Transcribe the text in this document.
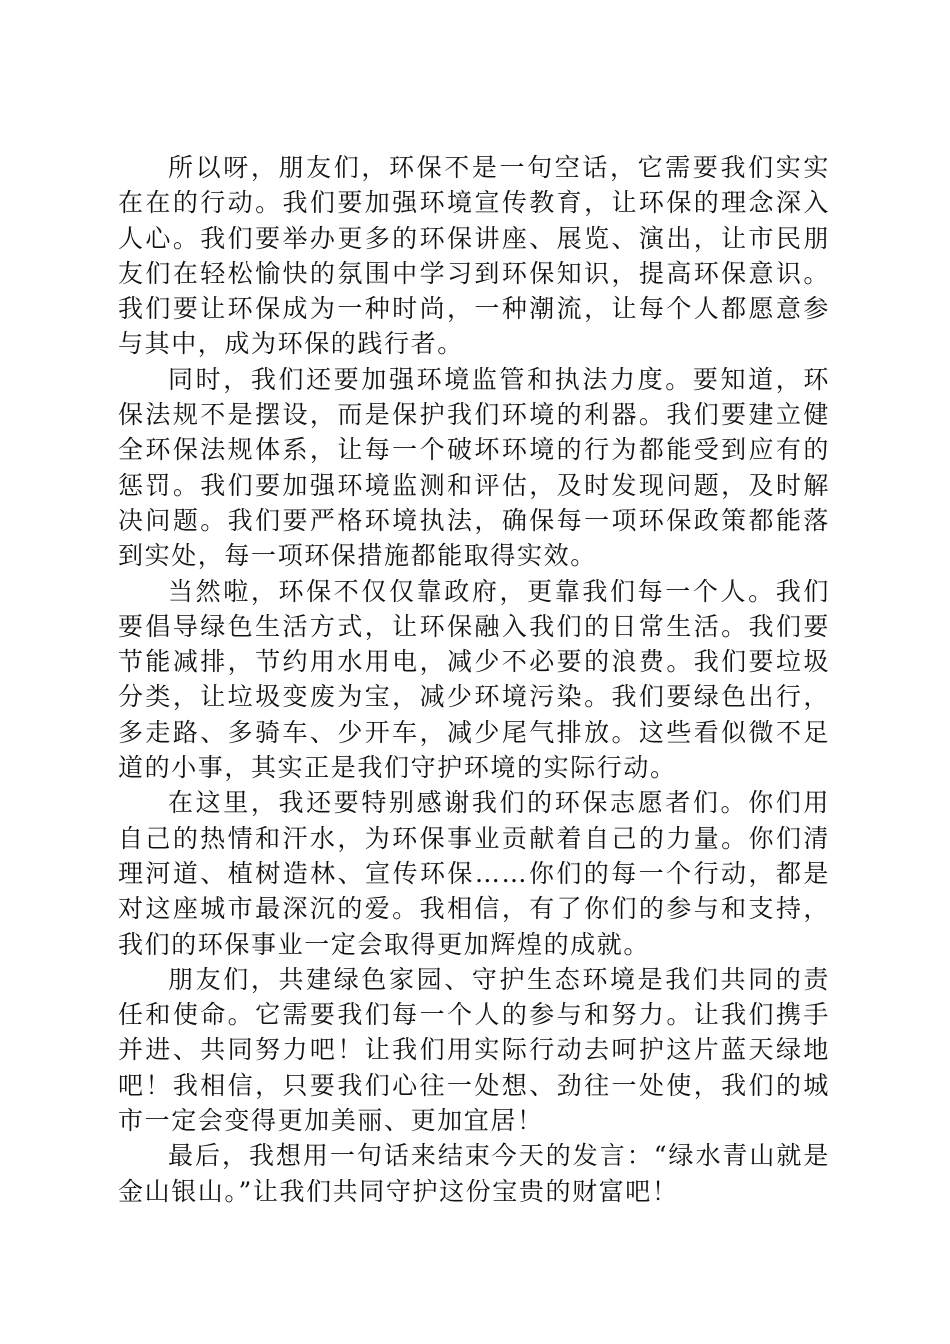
所以呀，朋友们，环保不是一句空话，它需要我们实实在在的行动。我们要加强环境宣传教育，让环保的理念深入人心。我们要举办更多的环保讲座、展览、演出，让市民朋友们在轻松愉快的氛围中学习到环保知识，提高环保意识。我们要让环保成为一种时尚，一种潮流，让每个人都愿意参与其中，成为环保的践行者。

同时，我们还要加强环境监管和执法力度。要知道，环保法规不是摆设，而是保护我们环境的利器。我们要建立健全环保法规体系，让每一个破坏环境的行为都能受到应有的惩罚。我们要加强环境监测和评估，及时发现问题，及时解决问题。我们要严格环境执法，确保每一项环保政策都能落到实处，每一项环保措施都能取得实效。

当然啦，环保不仅仅靠政府，更靠我们每一个人。我们要倡导绿色生活方式，让环保融入我们的日常生活。我们要节能减排，节约用水用电，减少不必要的浪费。我们要垃圾分类，让垃圾变废为宝，减少环境污染。我们要绿色出行，多走路、多骑车、少开车，减少尾气排放。这些看似微不足道的小事，其实正是我们守护环境的实际行动。

在这里，我还要特别感谢我们的环保志愿者们。你们用自己的热情和汗水，为环保事业贡献着自己的力量。你们清理河道、植树造林、宣传环保……你们的每一个行动，都是对这座城市最深沉的爱。我相信，有了你们的参与和支持，我们的环保事业一定会取得更加辉煌的成就。

朋友们，共建绿色家园、守护生态环境是我们共同的责任和使命。它需要我们每一个人的参与和努力。让我们携手并进、共同努力吧！让我们用实际行动去呵护这片蓝天绿地吧！我相信，只要我们心往一处想、劲往一处使，我们的城市一定会变得更加美丽、更加宜居！

最后，我想用一句话来结束今天的发言：“绿水青山就是金山银山。”让我们共同守护这份宝贵的财富吧！
